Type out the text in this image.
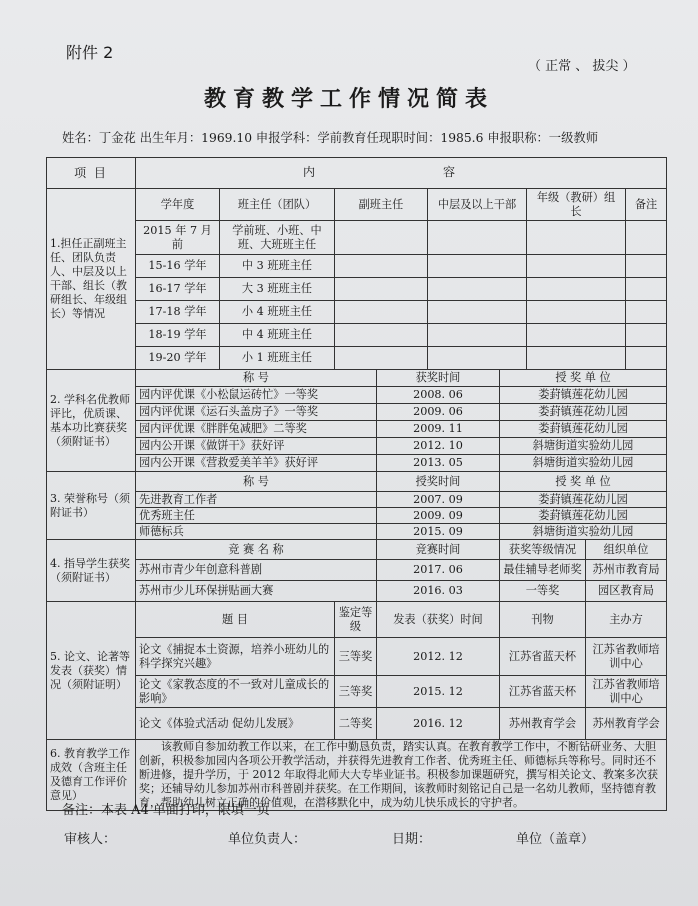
附件 2
（ 正常 、 拔尖 ）
教育教学工作情况简表
姓名：丁金花 出生年月：1969.10 申报学科：学前教育任现职时间：1985.6 申报职称：一级教师
项 目	内 容								

1.担任正副班主任、团队负责人、中层及以上干部、组长（教研组长、年级组长）等情况	学年度	班主任（团队）	副班主任		中层及以上干部		年级（教研）组 长		备注
	2015 年 7 月前	学前班、小班、中班、大班班主任							
	15-16 学年	中 3 班班主任							
	16-17 学年	大 3 班班主任							
	17-18 学年	小 4 班班主任							
	18-19 学年	中 4 班班主任							
	19-20 学年	小 1 班班主任							
2. 学科名优教师评比，优质课、基本功比赛获奖（须附证书）	称 号			获奖时间		授 奖 单 位			
	园内评优课《小松鼠运砖忙》一等奖			2008. 06		娄葑镇莲花幼儿园			
	园内评优课《运石头盖房子》一等奖			2009. 06		娄葑镇莲花幼儿园			
	园内评优课《胖胖兔减肥》二等奖			2009. 11		娄葑镇莲花幼儿园			
	园内公开课《做饼干》获好评			2012. 10		斜塘街道实验幼儿园			
	园内公开课《营救爱美羊羊》获好评			2013. 05		斜塘街道实验幼儿园			
3. 荣誉称号（须附证书）	称 号			授奖时间		授 奖 单 位			
	先进教育工作者			2007. 09		娄葑镇莲花幼儿园			
	优秀班主任			2009. 09		娄葑镇莲花幼儿园			
	师德标兵			2015. 09		斜塘街道实验幼儿园			
4. 指导学生获奖（须附证书）	竞 赛 名 称			竞赛时间		获奖等级情况		组织单位	
	苏州市青少年创意科普剧			2017. 06		最佳辅导老师奖		苏州市教育局	
	苏州市少儿环保拼贴画大赛			2016. 03		一等奖		园区教育局	
5. 论文、论著等发表（获奖）情况（须附证明）	题 目		鉴定等级	发表（获奖）时间		刊物		主办方	
	论文《捕捉本土资源，培养小班幼儿的科学探究兴趣》		三等奖	2012. 12		江苏省蓝天杯		江苏省教师培训中心	
	论文《家教态度的不一致对儿童成长的影响》		三等奖	2015. 12		江苏省蓝天杯		江苏省教师培训中心	
	论文《体验式活动 促幼儿发展》		二等奖	2016. 12		苏州教育学会		苏州教育学会	
6. 教育教学工作成效（含班主任及德育工作评价意见）	该教师自参加幼教工作以来，在工作中勤恳负责，踏实认真。在教育教学工作中，不断钻研业务、大胆创新，积极参加园内各项公开教学活动，并获得先进教育工作者、优秀班主任、师德标兵等称号。同时还不断进修，提升学历，于 2012 年取得北师大大专毕业证书。积极参加课题研究，撰写相关论文、教案多次获奖；还辅导幼儿参加苏州市科普剧并获奖。在工作期间，该教师时刻铭记自己是一名幼儿教师，坚持德育教育，帮助幼儿树立正确的价值观，在潜移默化中，成为幼儿快乐成长的守护者。								
备注：本表 A4 单面打印，限填一页
审核人：	单位负责人：	日期：	单位（盖章）
